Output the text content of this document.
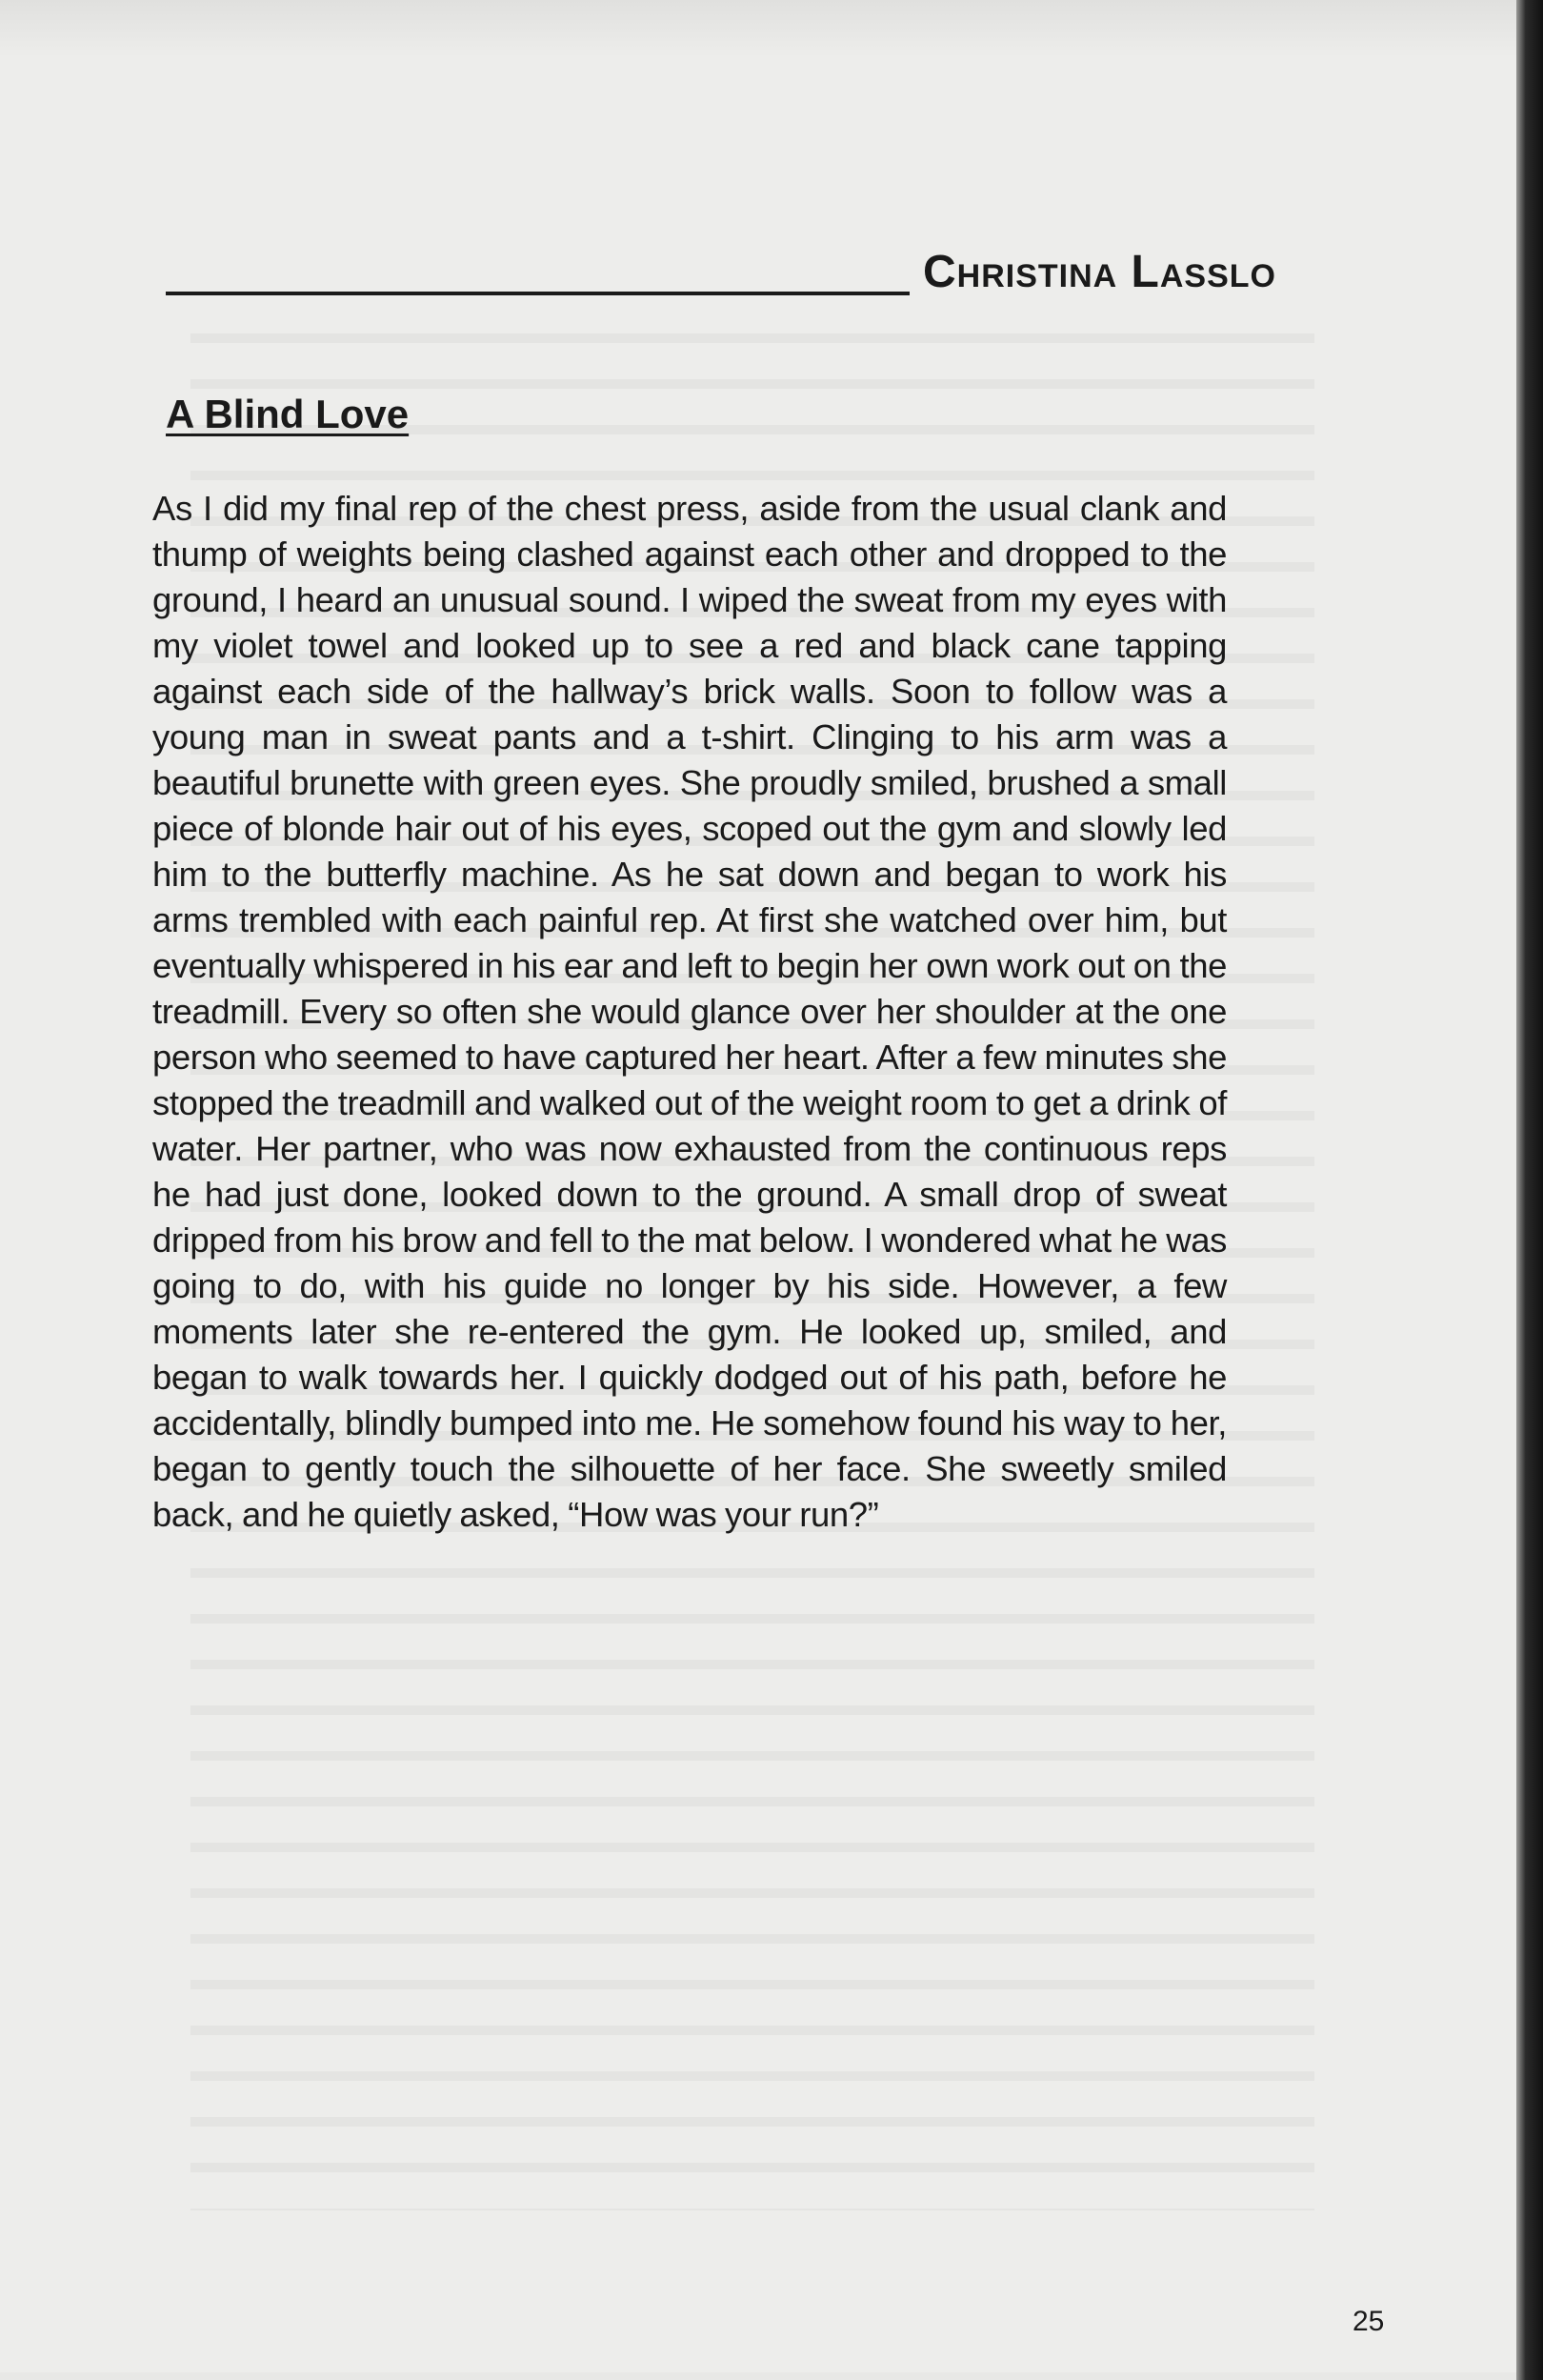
Christina Lasslo
A Blind Love

As I did my final rep of the chest press, aside from the usual clank and thump of weights being clashed against each other and dropped to the ground, I heard an unusual sound. I wiped the sweat from my eyes with my violet towel and looked up to see a red and black cane tapping against each side of the hallway’s brick walls. Soon to follow was a young man in sweat pants and a t-shirt. Clinging to his arm was a beautiful brunette with green eyes. She proudly smiled, brushed a small piece of blonde hair out of his eyes, scoped out the gym and slowly led him to the butterfly machine. As he sat down and began to work his arms trembled with each painful rep. At first she watched over him, but eventually whispered in his ear and left to begin her own work out on the treadmill. Every so often she would glance over her shoulder at the one person who seemed to have captured her heart. After a few minutes she stopped the treadmill and walked out of the weight room to get a drink of water. Her partner, who was now exhausted from the continuous reps he had just done, looked down to the ground. A small drop of sweat dripped from his brow and fell to the mat below. I wondered what he was going to do, with his guide no longer by his side. However, a few moments later she re-entered the gym. He looked up, smiled, and began to walk towards her. I quickly dodged out of his path, before he accidentally, blindly bumped into me. He somehow found his way to her, began to gently touch the silhouette of her face. She sweetly smiled back, and he quietly asked, “How was your run?”

25
